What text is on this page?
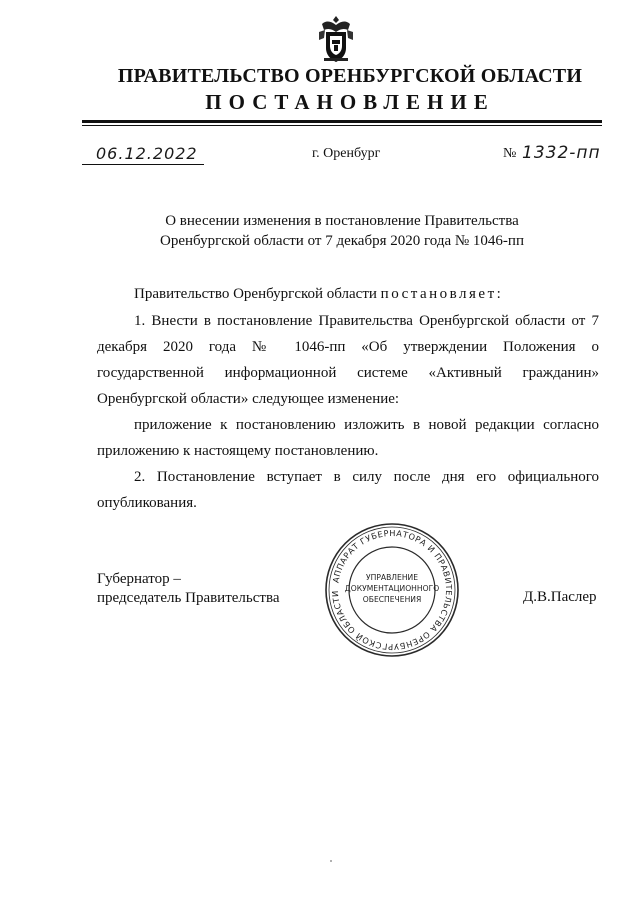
ПРАВИТЕЛЬСТВО ОРЕНБУРГСКОЙ ОБЛАСТИ
ПОСТАНОВЛЕНИЕ
06.12.2022	г. Оренбург	№ 1332-пп
О внесении изменения в постановление Правительства
Оренбургской области от 7 декабря 2020 года № 1046-пп
Правительство Оренбургской области постановляет:
1. Внести в постановление Правительства Оренбургской области от 7 декабря 2020 года № 1046-пп «Об утверждении Положения о государственной информационной системе «Активный гражданин» Оренбургской области» следующее изменение:
приложение к постановлению изложить в новой редакции согласно приложению к настоящему постановлению.
2. Постановление вступает в силу после дня его официального опубликования.
Губернатор –
председатель Правительства	Д.В.Паслер
АППАРАТ ГУБЕРНАТОРА И ПРАВИТЕЛЬСТВА ОРЕНБУРГСКОЙ ОБЛАСТИ
УПРАВЛЕНИЕ
ДОКУМЕНТАЦИОННОГО
ОБЕСПЕЧЕНИЯ
